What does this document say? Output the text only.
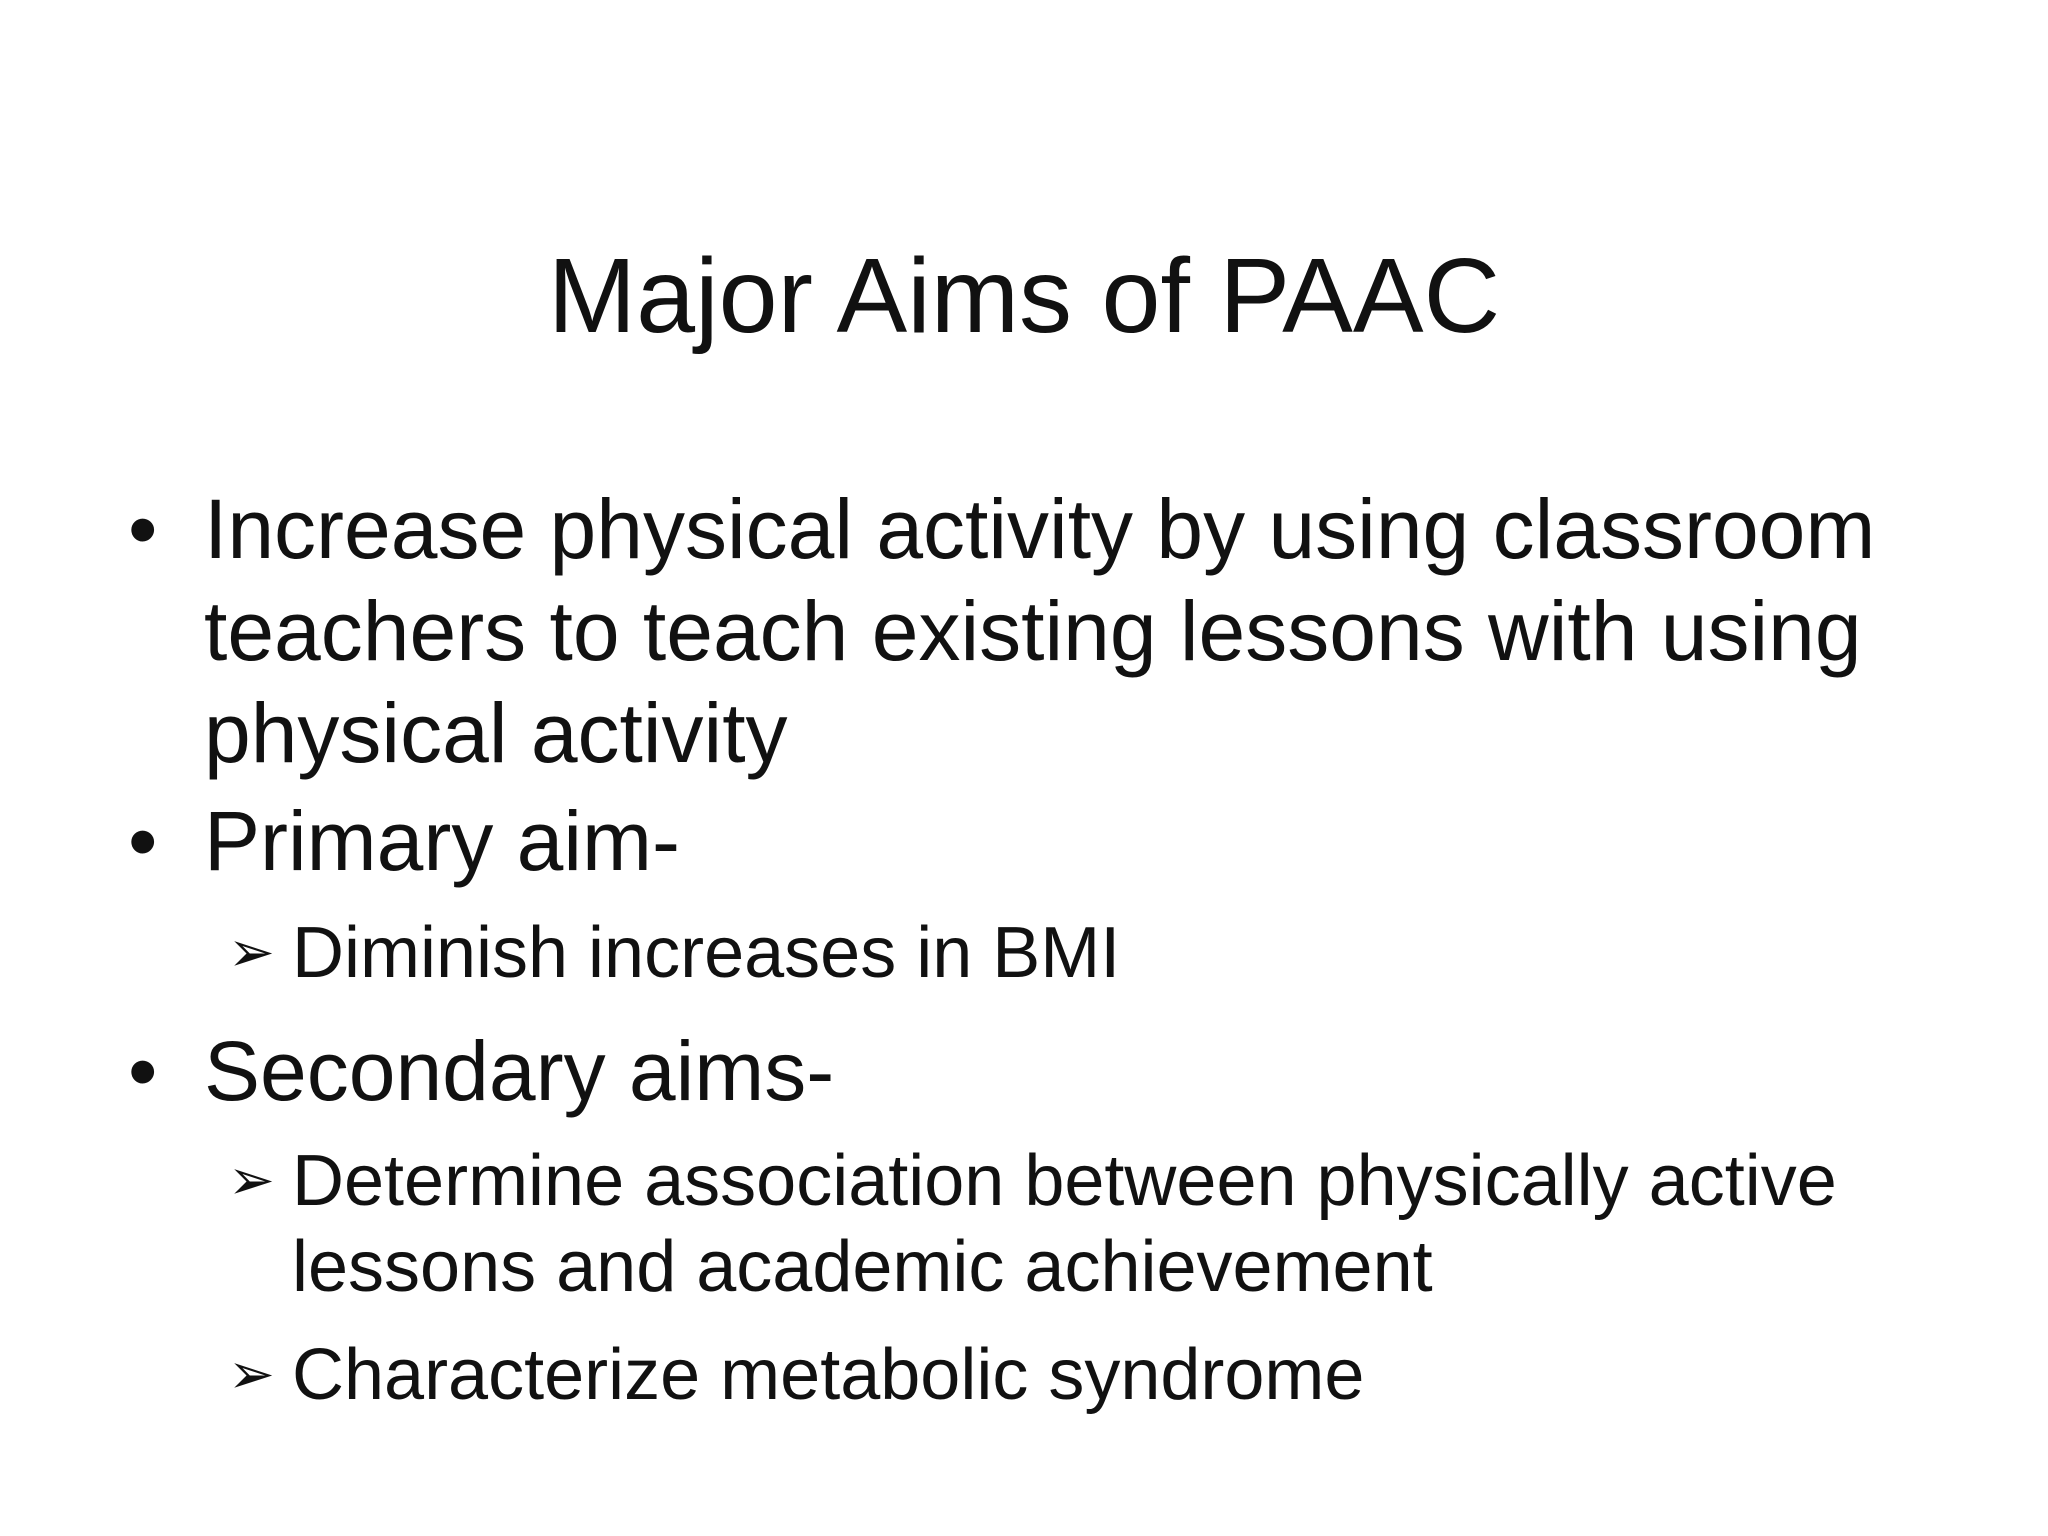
Major Aims of PAAC
• Increase physical activity by using classroom
teachers to teach existing lessons with using
physical activity
• Primary aim-
➢ Diminish increases in BMI
• Secondary aims-
➢ Determine association between physically active
lessons and academic achievement
➢ Characterize metabolic syndrome
